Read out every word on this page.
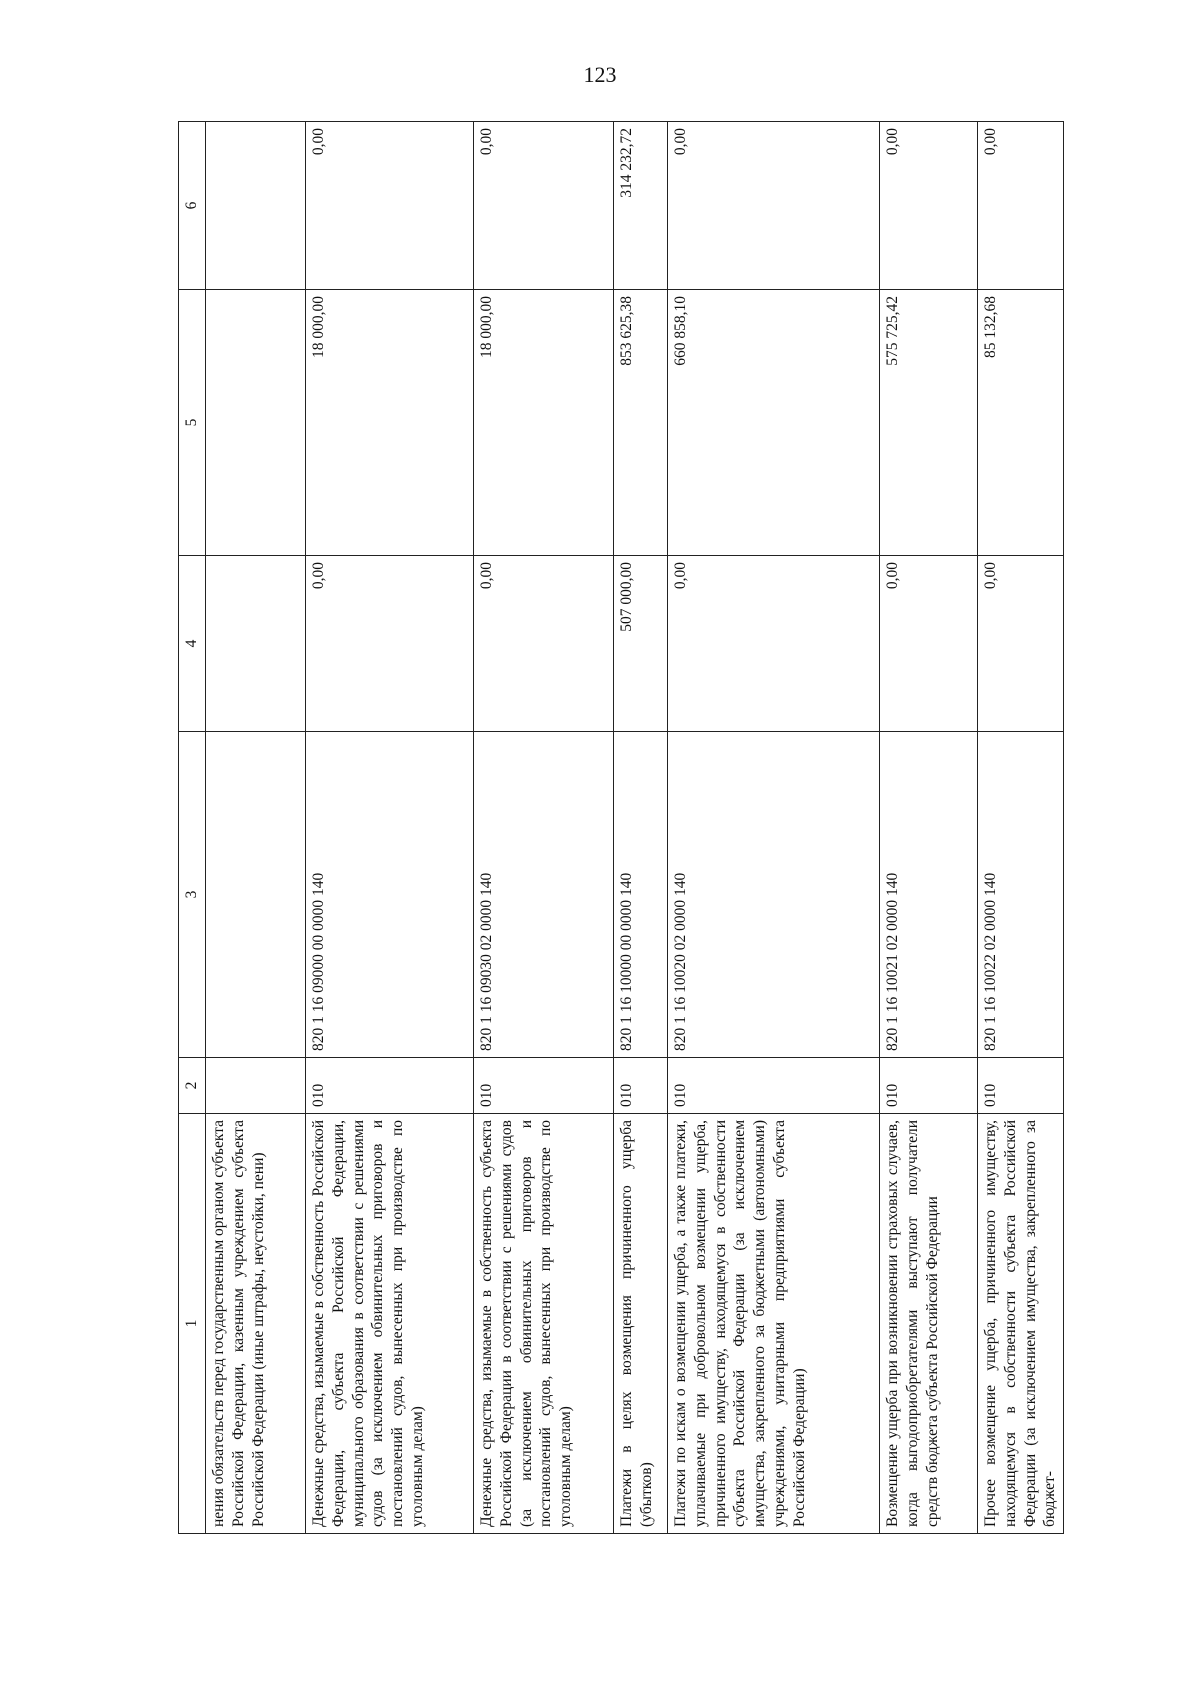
123
1	2	3	4	5	6
нения обязательств перед государственным органом субъекта Российской Федерации, казенным учреждением субъекта Российской Федерации (иные штрафы, неустойки, пени)					
Денежные средства, изымаемые в собственность Российской Федерации, субъекта Российской Федерации, муниципального образования в соответствии с решениями судов (за исключением обвинительных приговоров и постановлений судов, вынесенных при производстве по уголовным делам)	010	820 1 16 09000 00 0000 140	0,00	18 000,00	0,00
Денежные средства, изымаемые в собственность субъекта Российской Федерации в соответствии с решениями судов (за исключением обвинительных приговоров и постановлений судов, вынесенных при производстве по уголовным делам)	010	820 1 16 09030 02 0000 140	0,00	18 000,00	0,00
Платежи в целях возмещения причиненного ущерба (убытков)	010	820 1 16 10000 00 0000 140	507 000,00	853 625,38	314 232,72
Платежи по искам о возмещении ущерба, а также платежи, уплачиваемые при добровольном возмещении ущерба, причиненного имуществу, находящемуся в собственности субъекта Российской Федерации (за исключением имущества, закрепленного за бюджетными (автономными) учреждениями, унитарными предприятиями субъекта Российской Федерации)	010	820 1 16 10020 02 0000 140	0,00	660 858,10	0,00
Возмещение ущерба при возникновении страховых случаев, когда выгодоприобретателями выступают получатели средств бюджета субъекта Российской Федерации	010	820 1 16 10021 02 0000 140	0,00	575 725,42	0,00
Прочее возмещение ущерба, причиненного имуществу, находящемуся в собственности субъекта Российской Федерации (за исключением имущества, закрепленного за бюджет-	010	820 1 16 10022 02 0000 140	0,00	85 132,68	0,00
